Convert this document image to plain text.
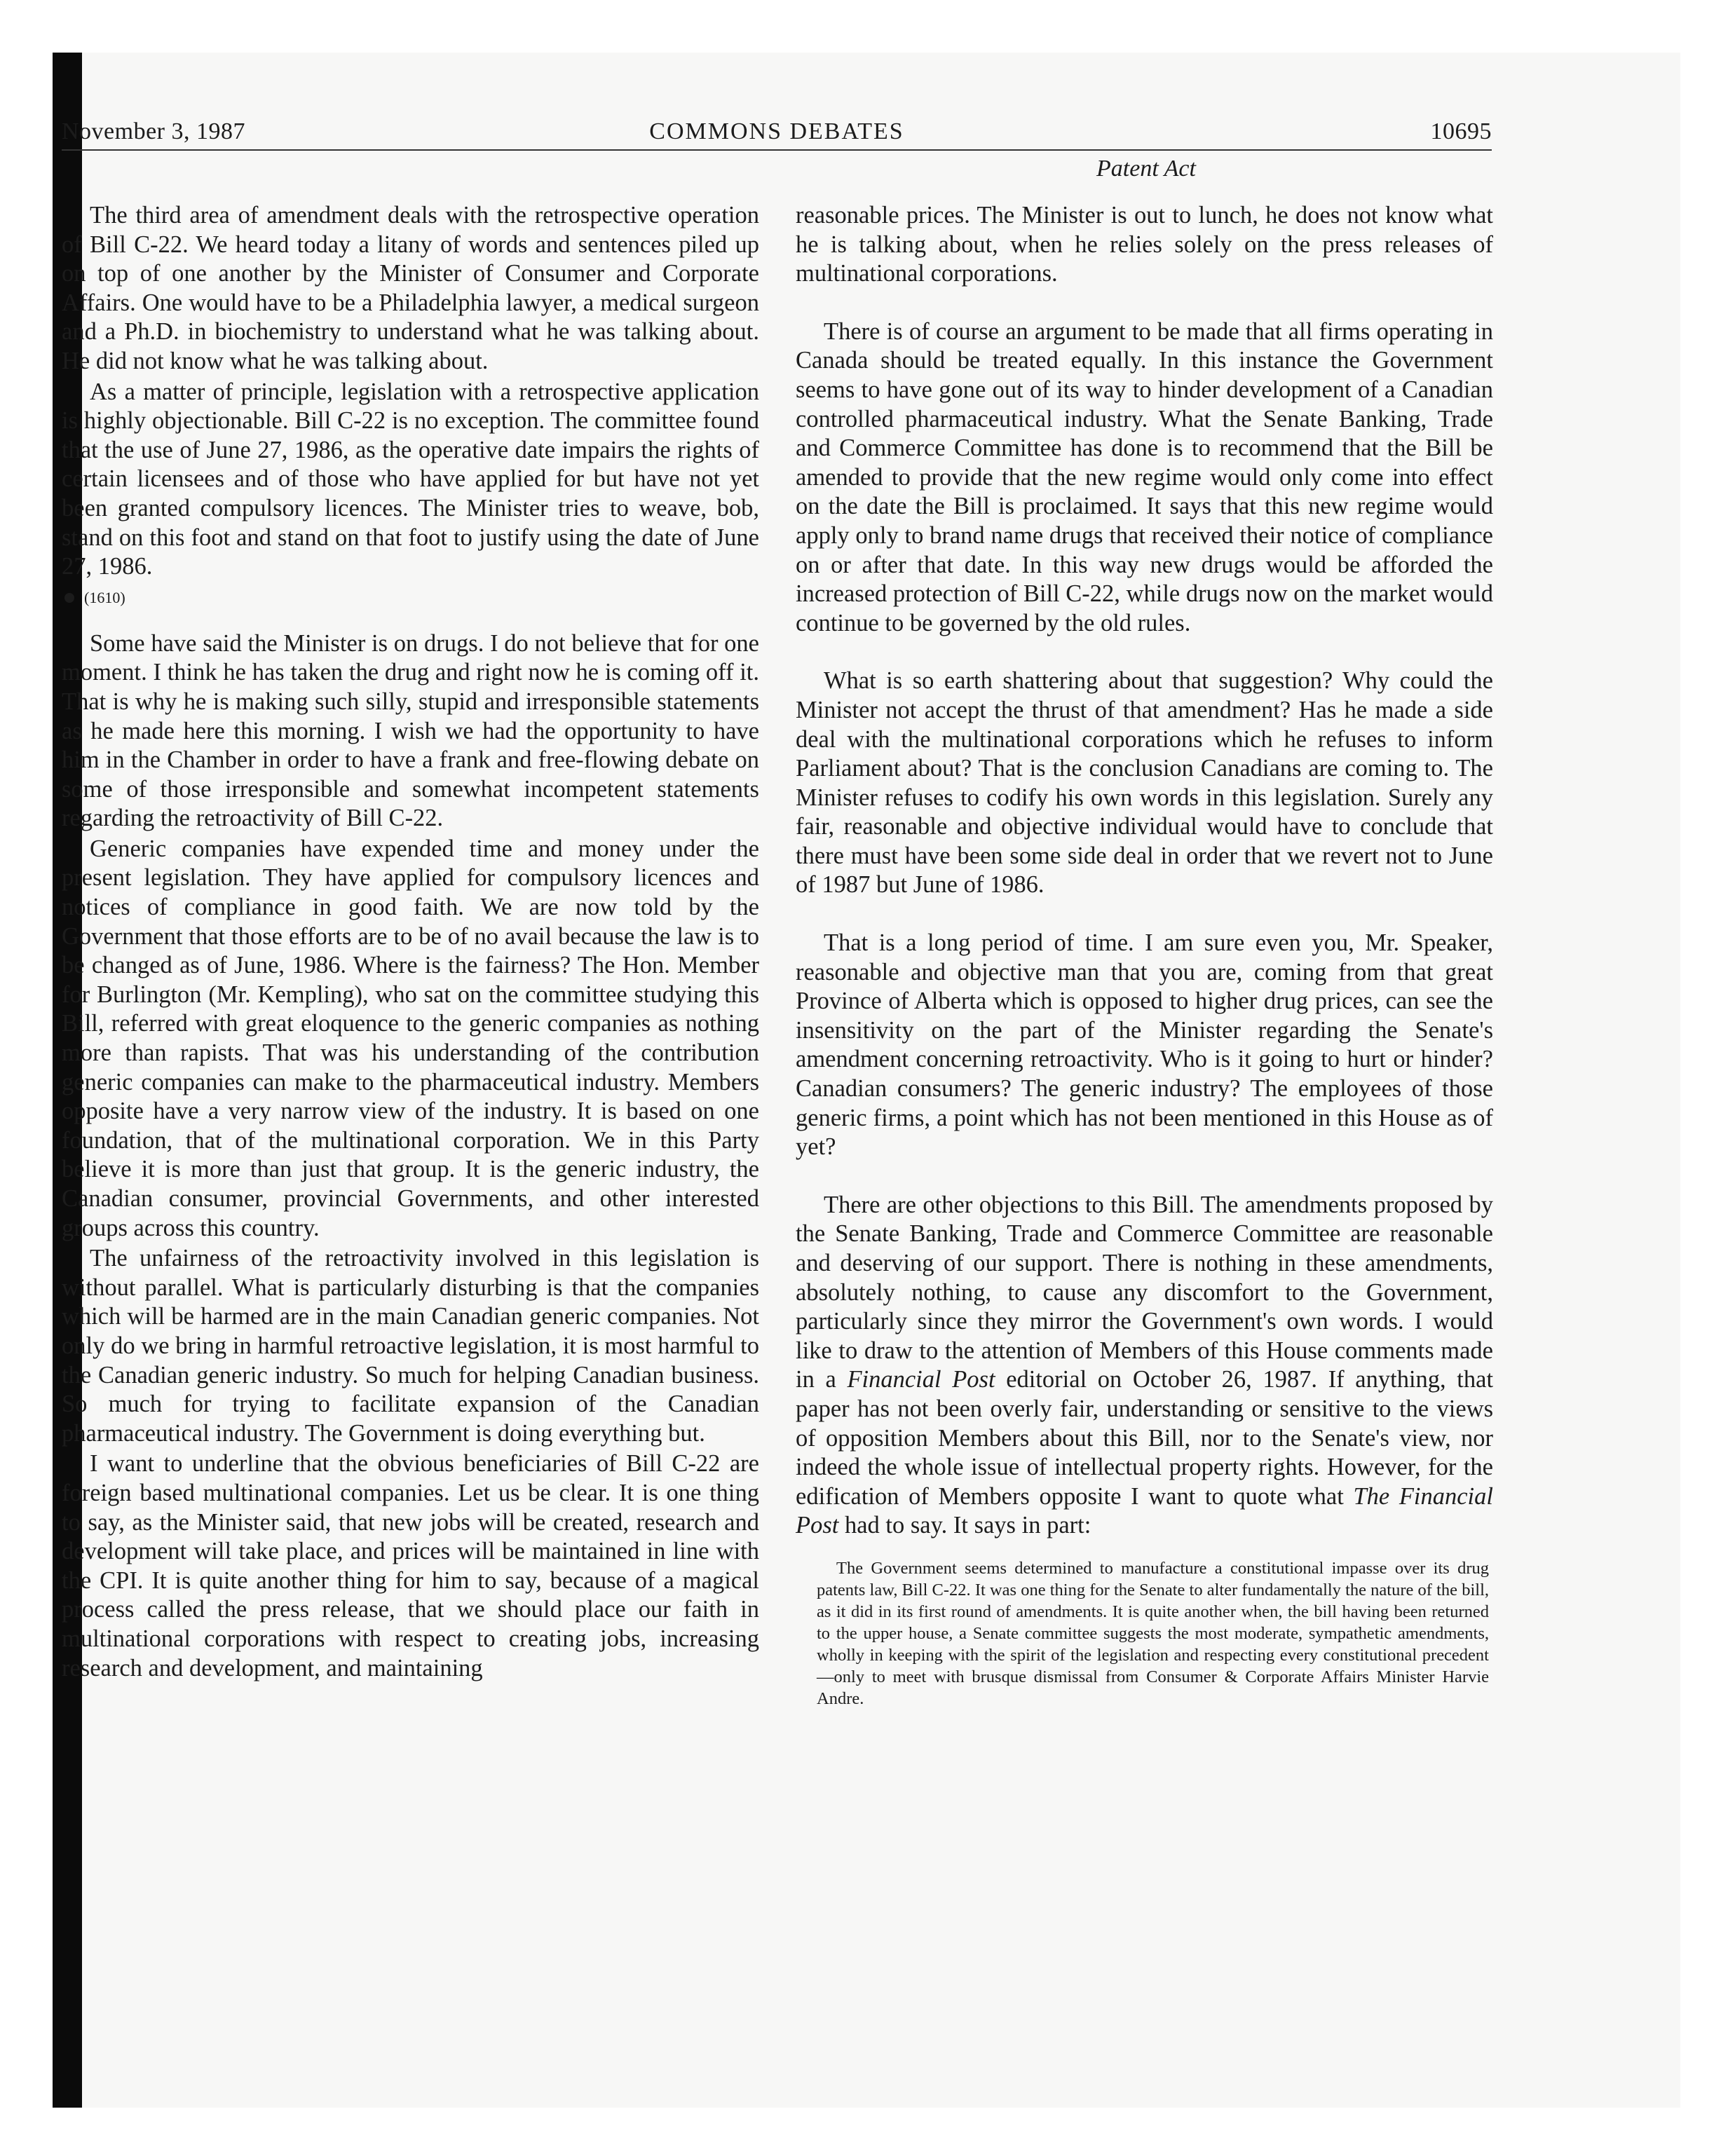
November 3, 1987	COMMONS DEBATES	10695
Patent Act

The third area of amendment deals with the retrospective operation of Bill C-22. We heard today a litany of words and sentences piled up on top of one another by the Minister of Consumer and Corporate Affairs. One would have to be a Philadelphia lawyer, a medical surgeon and a Ph.D. in biochemistry to understand what he was talking about. He did not know what he was talking about.

As a matter of principle, legislation with a retrospective application is highly objectionable. Bill C-22 is no exception. The committee found that the use of June 27, 1986, as the operative date impairs the rights of certain licensees and of those who have applied for but have not yet been granted compulsory licences. The Minister tries to weave, bob, stand on this foot and stand on that foot to justify using the date of June 27, 1986.

(1610)

Some have said the Minister is on drugs. I do not believe that for one moment. I think he has taken the drug and right now he is coming off it. That is why he is making such silly, stupid and irresponsible statements as he made here this morning. I wish we had the opportunity to have him in the Chamber in order to have a frank and free-flowing debate on some of those irresponsible and somewhat incompetent statements regarding the retroactivity of Bill C-22.

Generic companies have expended time and money under the present legislation. They have applied for compulsory licences and notices of compliance in good faith. We are now told by the Government that those efforts are to be of no avail because the law is to be changed as of June, 1986. Where is the fairness? The Hon. Member for Burlington (Mr. Kempling), who sat on the committee studying this Bill, referred with great eloquence to the generic companies as nothing more than rapists. That was his understanding of the contribution generic companies can make to the pharmaceutical industry. Members opposite have a very narrow view of the industry. It is based on one foundation, that of the multinational corporation. We in this Party believe it is more than just that group. It is the generic industry, the Canadian consumer, provincial Governments, and other interested groups across this country.

The unfairness of the retroactivity involved in this legislation is without parallel. What is particularly disturbing is that the companies which will be harmed are in the main Canadian generic companies. Not only do we bring in harmful retroactive legislation, it is most harmful to the Canadian generic industry. So much for helping Canadian business. So much for trying to facilitate expansion of the Canadian pharmaceutical industry. The Government is doing everything but.

I want to underline that the obvious beneficiaries of Bill C-22 are foreign based multinational companies. Let us be clear. It is one thing to say, as the Minister said, that new jobs will be created, research and development will take place, and prices will be maintained in line with the CPI. It is quite another thing for him to say, because of a magical process called the press release, that we should place our faith in multinational corporations with respect to creating jobs, increasing research and development, and maintaining

reasonable prices. The Minister is out to lunch, he does not know what he is talking about, when he relies solely on the press releases of multinational corporations.

There is of course an argument to be made that all firms operating in Canada should be treated equally. In this instance the Government seems to have gone out of its way to hinder development of a Canadian controlled pharmaceutical industry. What the Senate Banking, Trade and Commerce Committee has done is to recommend that the Bill be amended to provide that the new regime would only come into effect on the date the Bill is proclaimed. It says that this new regime would apply only to brand name drugs that received their notice of compliance on or after that date. In this way new drugs would be afforded the increased protection of Bill C-22, while drugs now on the market would continue to be governed by the old rules.

What is so earth shattering about that suggestion? Why could the Minister not accept the thrust of that amendment? Has he made a side deal with the multinational corporations which he refuses to inform Parliament about? That is the conclusion Canadians are coming to. The Minister refuses to codify his own words in this legislation. Surely any fair, reasonable and objective individual would have to conclude that there must have been some side deal in order that we revert not to June of 1987 but June of 1986.

That is a long period of time. I am sure even you, Mr. Speaker, reasonable and objective man that you are, coming from that great Province of Alberta which is opposed to higher drug prices, can see the insensitivity on the part of the Minister regarding the Senate's amendment concerning retroactivity. Who is it going to hurt or hinder? Canadian consumers? The generic industry? The employees of those generic firms, a point which has not been mentioned in this House as of yet?

There are other objections to this Bill. The amendments proposed by the Senate Banking, Trade and Commerce Committee are reasonable and deserving of our support. There is nothing in these amendments, absolutely nothing, to cause any discomfort to the Government, particularly since they mirror the Government's own words. I would like to draw to the attention of Members of this House comments made in a Financial Post editorial on October 26, 1987. If anything, that paper has not been overly fair, understanding or sensitive to the views of opposition Members about this Bill, nor to the Senate's view, nor indeed the whole issue of intellectual property rights. However, for the edification of Members opposite I want to quote what The Financial Post had to say. It says in part:

The Government seems determined to manufacture a constitutional impasse over its drug patents law, Bill C-22. It was one thing for the Senate to alter fundamentally the nature of the bill, as it did in its first round of amendments. It is quite another when, the bill having been returned to the upper house, a Senate committee suggests the most moderate, sympathetic amendments, wholly in keeping with the spirit of the legislation and respecting every constitutional precedent—only to meet with brusque dismissal from Consumer & Corporate Affairs Minister Harvie Andre.
